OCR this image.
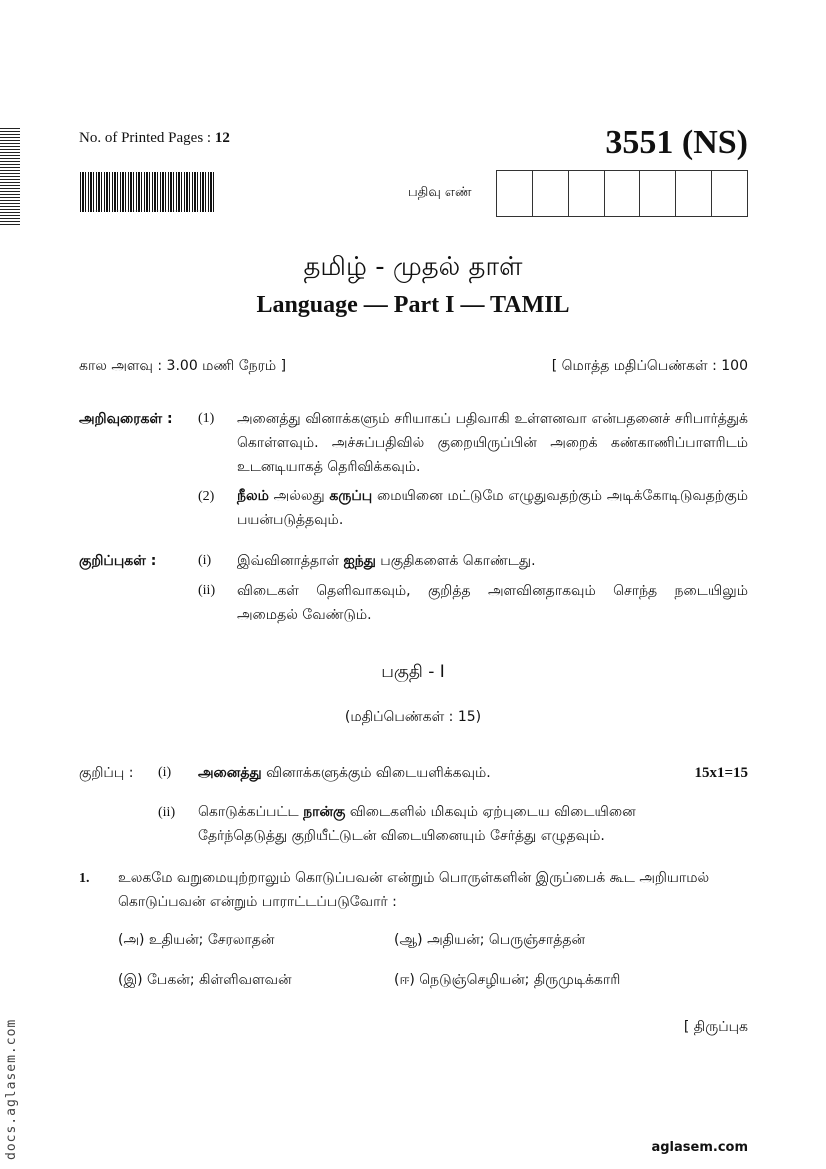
No. of Printed Pages : 12	3551 (NS)
பதிவு எண்
தமிழ் - முதல் தாள்
Language — Part I — TAMIL
கால அளவு : 3.00 மணி நேரம் ]	[ மொத்த மதிப்பெண்கள் : 100
அறிவுரைகள் : (1) அனைத்து வினாக்களும் சரியாகப் பதிவாகி உள்ளனவா என்பதனைச் சரிபார்த்துக் கொள்ளவும். அச்சுப்பதிவில் குறையிருப்பின் அறைக் கண்காணிப்பாளரிடம் உடனடியாகத் தெரிவிக்கவும்.
(2) நீலம் அல்லது கருப்பு மையினை மட்டுமே எழுதுவதற்கும் அடிக்கோடிடுவதற்கும் பயன்படுத்தவும்.
குறிப்புகள் :	(i) இவ்வினாத்தாள் ஐந்து பகுதிகளைக் கொண்டது.
(ii) விடைகள் தெளிவாகவும், குறித்த அளவினதாகவும் சொந்த நடையிலும் அமைதல் வேண்டும்.
பகுதி - I
(மதிப்பெண்கள் : 15)
குறிப்பு : (i) அனைத்து வினாக்களுக்கும் விடையளிக்கவும்.	15x1=15
(ii) கொடுக்கப்பட்ட நான்கு விடைகளில் மிகவும் ஏற்புடைய விடையினை தேர்ந்தெடுத்து குறியீட்டுடன் விடையினையும் சேர்த்து எழுதவும்.
1. உலகமே வறுமையுற்றாலும் கொடுப்பவன் என்றும் பொருள்களின் இருப்பைக் கூட அறியாமல் கொடுப்பவன் என்றும் பாராட்டப்படுவோர் :
(அ) உதியன்; சேரலாதன்	(ஆ) அதியன்; பெருஞ்சாத்தன்
(இ) பேகன்; கிள்ளிவளவன்	(ஈ) நெடுஞ்செழியன்; திருமுடிக்காரி
[ திருப்புக
docs.aglasem.com	aglasem.com
